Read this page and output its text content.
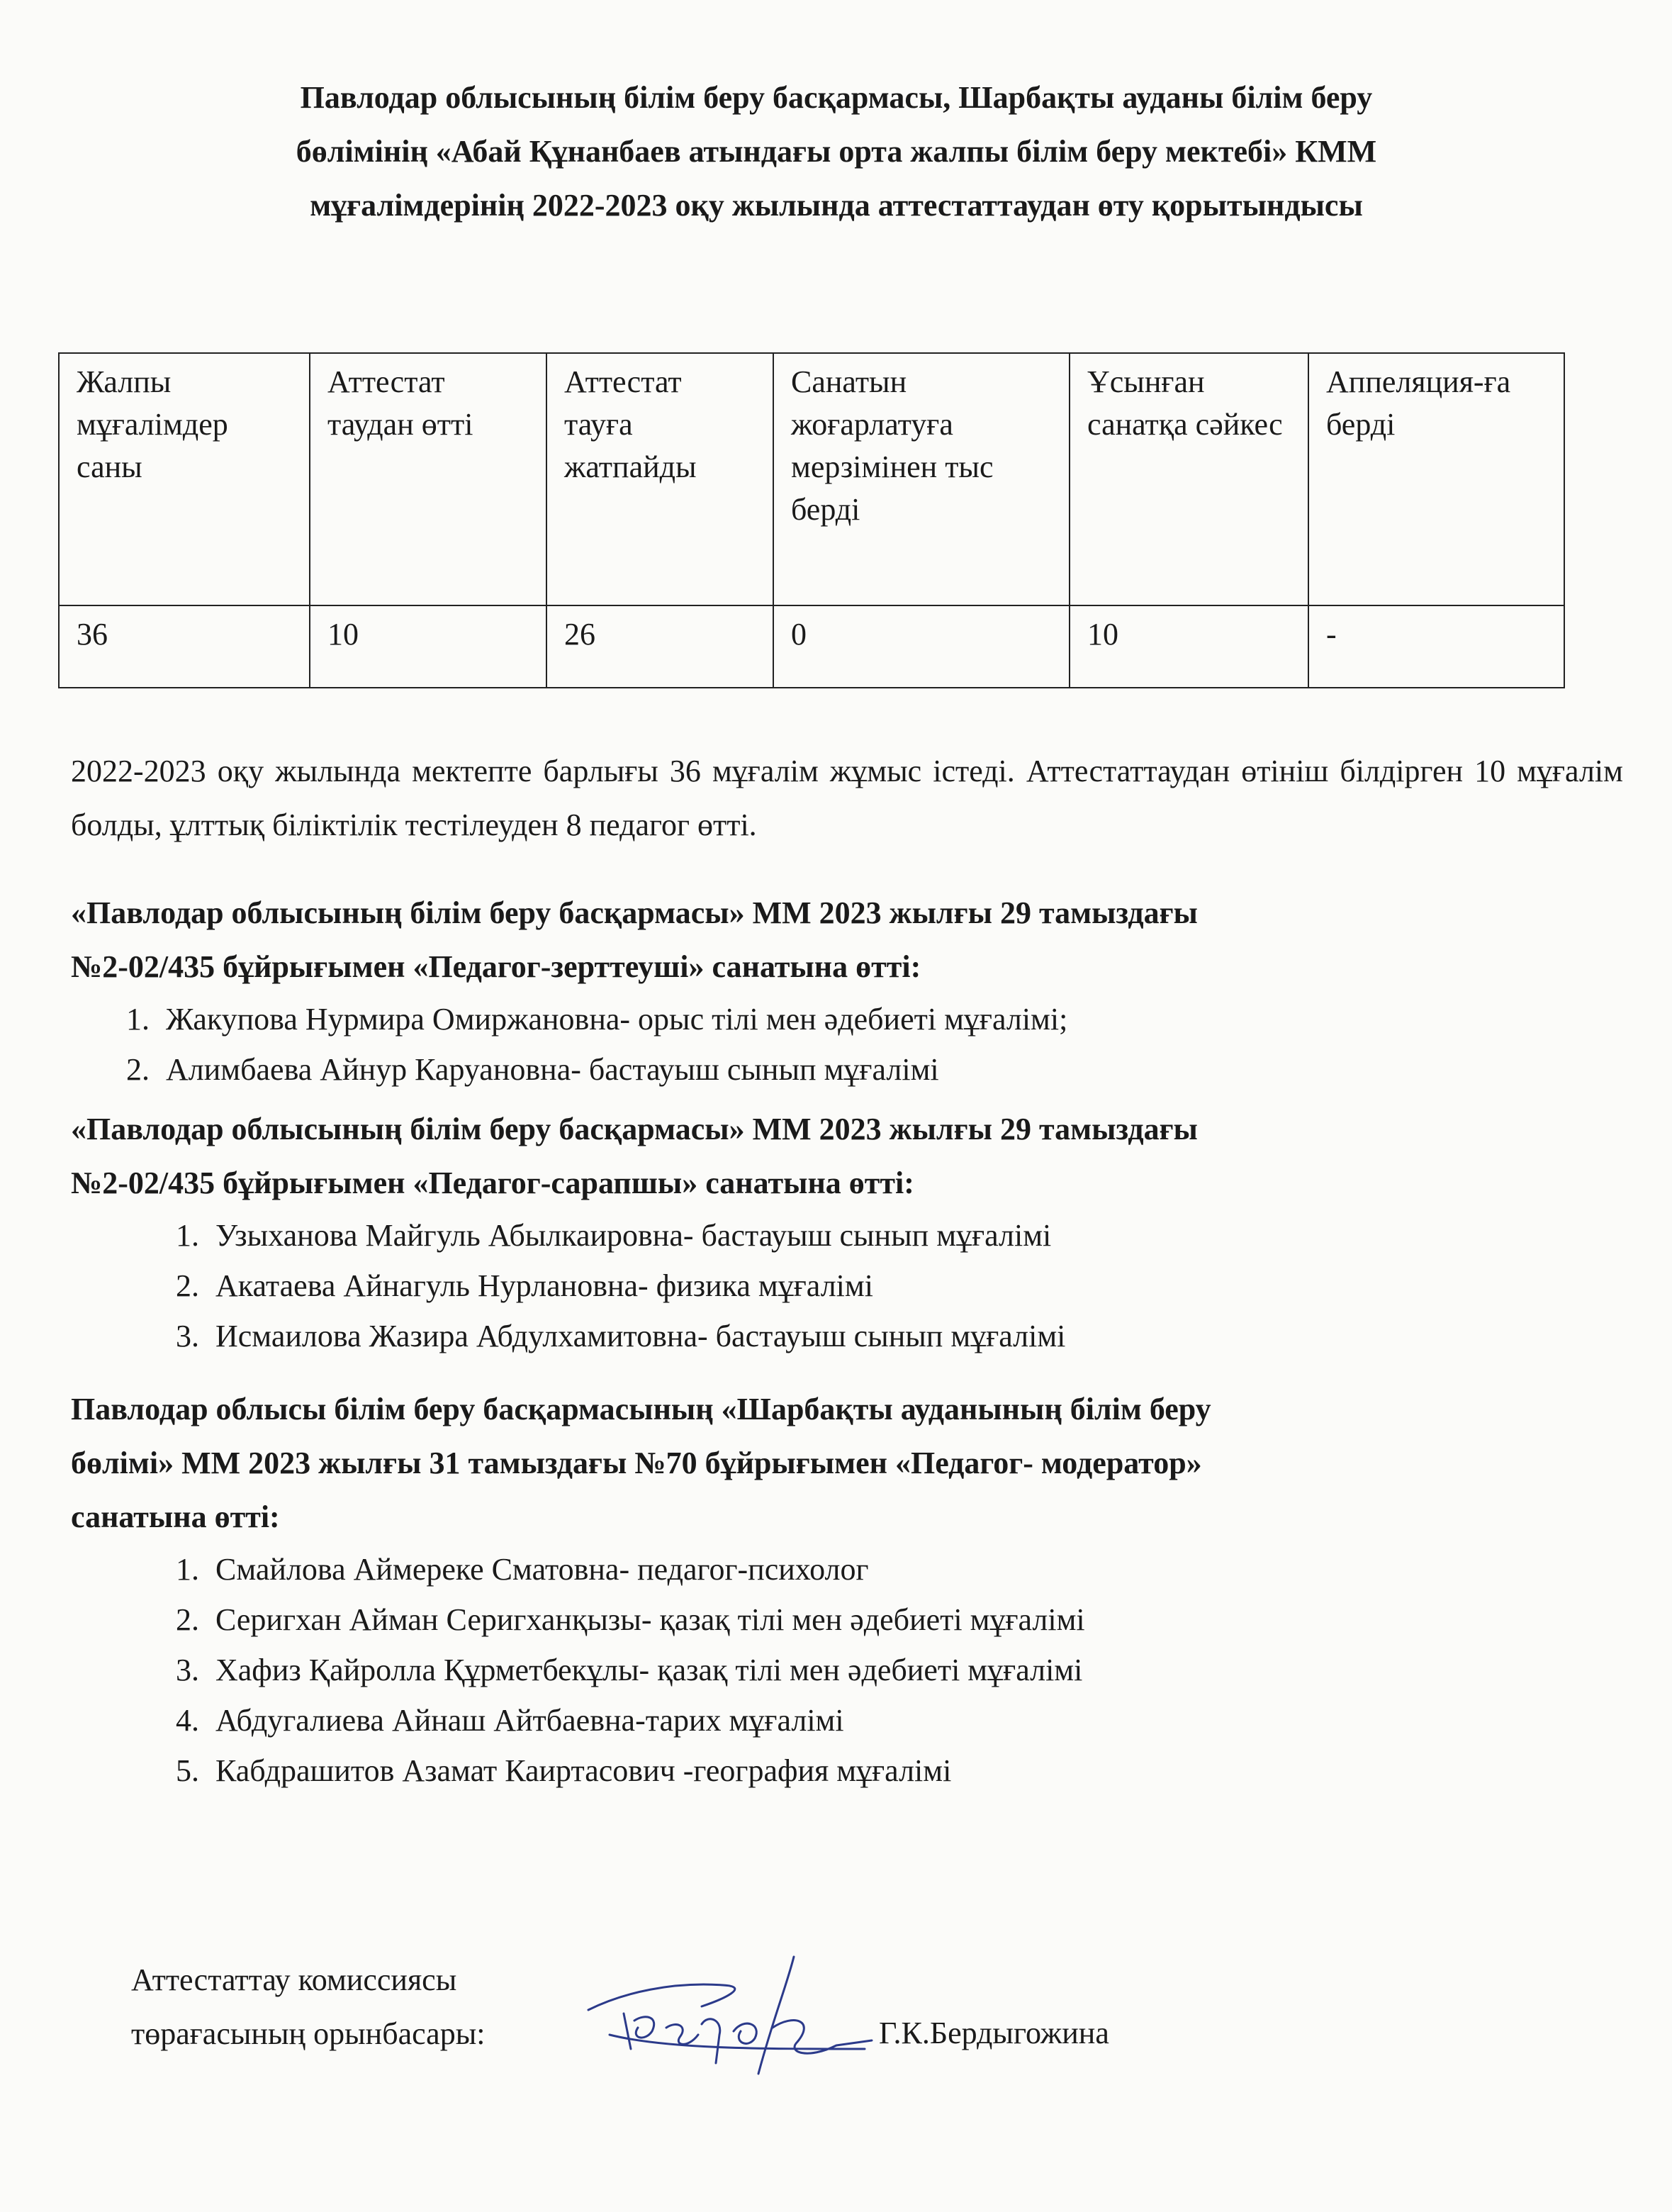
Павлодар облысының білім беру басқармасы, Шарбақты ауданы білім беру
бөлімінің «Абай Құнанбаев атындағы орта жалпы білім беру мектебі» КММ
мұғалімдерінің 2022-2023 оқу жылында аттестаттаудан өту қорытындысы
Жалпы мұғалімдер саны	Аттестат таудан өтті	Аттестат тауға жатпайды	Санатын жоғарлатуға мерзімінен тыс берді	Ұсынған санатқа сәйкес	Аппеляция-ға берді
36	10	26	0	10	-
2022-2023 оқу жылында мектепте барлығы 36 мұғалім жұмыс істеді. Аттестаттаудан өтініш білдірген 10 мұғалім болды, ұлттық біліктілік тестілеуден 8 педагог өтті.
«Павлодар облысының білім беру басқармасы» ММ 2023 жылғы 29 тамыздағы
№2-02/435 бұйрығымен «Педагог-зерттеуші» санатына өтті:
1. Жакупова Нурмира Омиржановна- орыс тілі мен әдебиеті мұғалімі;
2. Алимбаева Айнур Каруановна- бастауыш сынып мұғалімі
«Павлодар облысының білім беру басқармасы» ММ 2023 жылғы 29 тамыздағы
№2-02/435 бұйрығымен «Педагог-сарапшы» санатына өтті:
1. Узыханова Майгуль Абылкаировна- бастауыш сынып мұғалімі
2. Акатаева Айнагуль Нурлановна- физика мұғалімі
3. Исмаилова Жазира Абдулхамитовна- бастауыш сынып мұғалімі
Павлодар облысы білім беру басқармасының «Шарбақты ауданының білім беру
бөлімі» ММ 2023 жылғы 31 тамыздағы №70 бұйрығымен «Педагог- модератор»
санатына өтті:
1. Смайлова Аймереке Сматовна- педагог-психолог
2. Серигхан Айман Серигханқызы- қазақ тілі мен әдебиеті мұғалімі
3. Хафиз Қайролла Құрметбекұлы- қазақ тілі мен әдебиеті мұғалімі
4. Абдугалиева Айнаш Айтбаевна-тарих мұғалімі
5. Кабдрашитов Азамат Каиртасович -география мұғалімі
Аттестаттау комиссиясы
төрағасының орынбасары:	Г.К.Бердыгожина
